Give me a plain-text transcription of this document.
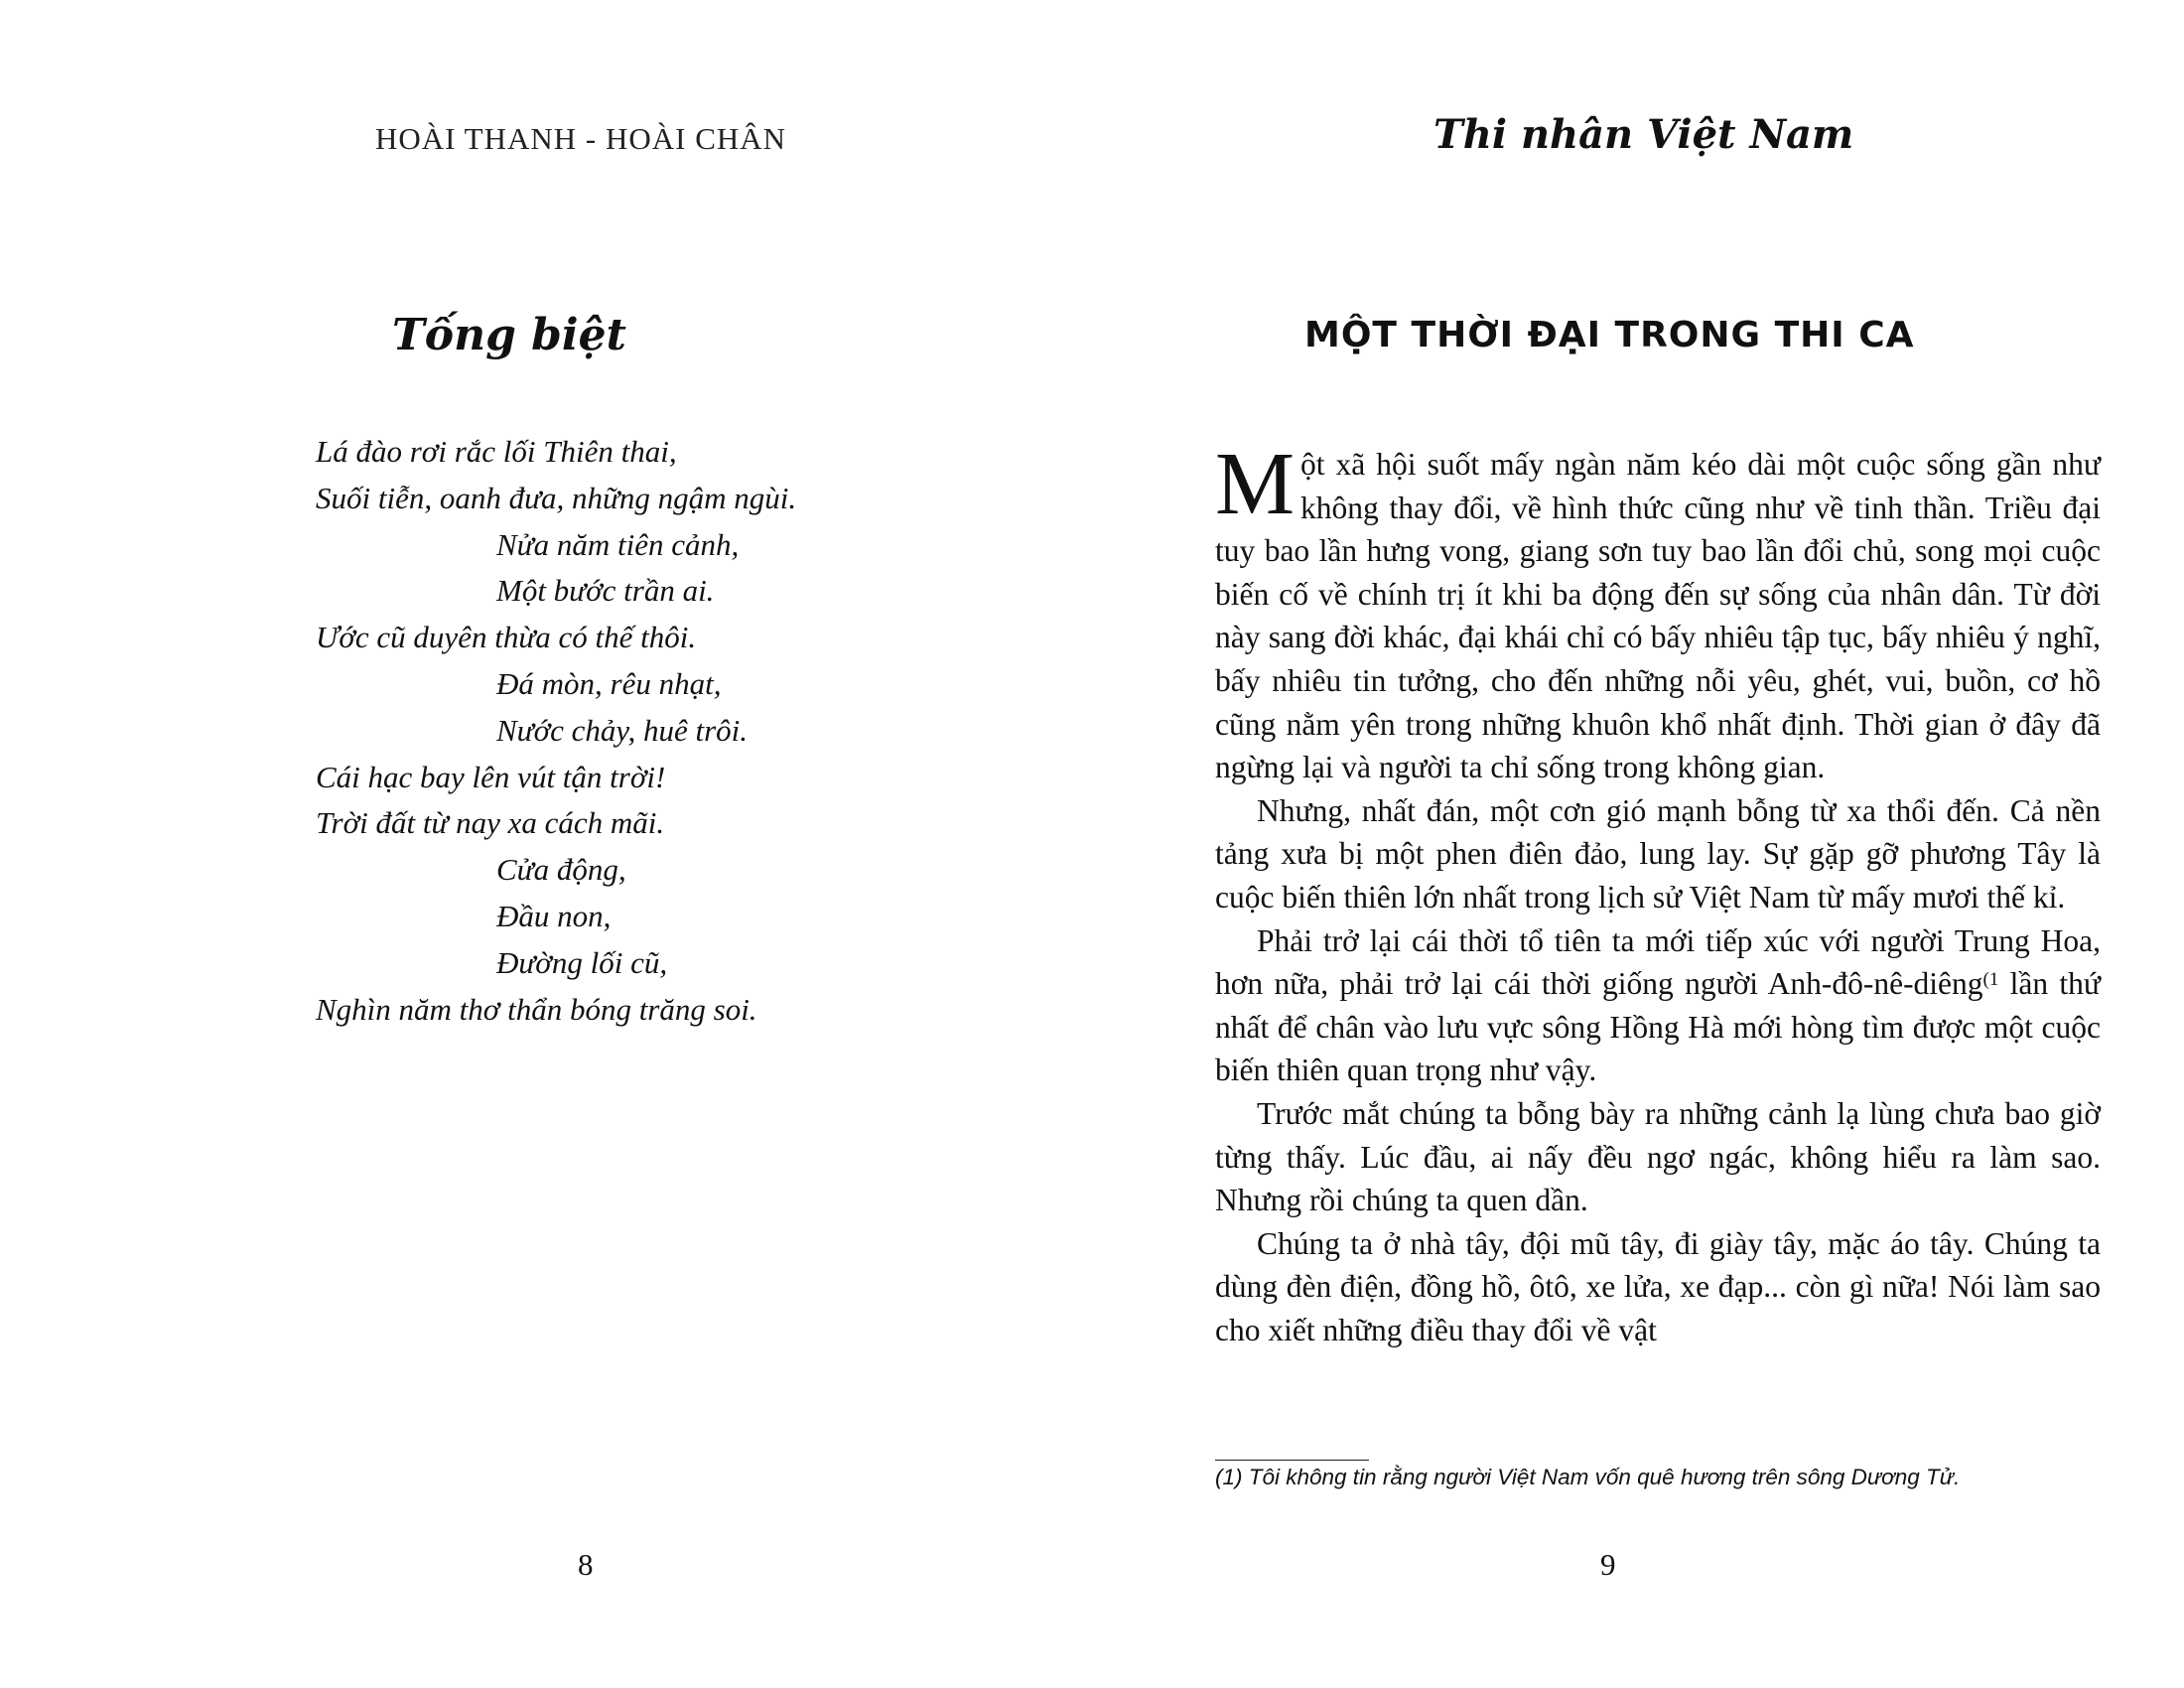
HOÀI THANH - HOÀI CHÂN
Tống biệt
Lá đào rơi rắc lối Thiên thai,
Suối tiễn, oanh đưa, những ngậm ngùi.
Nửa năm tiên cảnh,
Một bước trần ai.
Ước cũ duyên thừa có thế thôi.
Đá mòn, rêu nhạt,
Nước chảy, huê trôi.
Cái hạc bay lên vút tận trời!
Trời đất từ nay xa cách mãi.
Cửa động,
Đầu non,
Đường lối cũ,
Nghìn năm thơ thẩn bóng trăng soi.
8
Thi nhân Việt Nam
MỘT THỜI ĐẠI TRONG THI CA

Một xã hội suốt mấy ngàn năm kéo dài một cuộc sống gần như không thay đổi, về hình thức cũng như về tinh thần. Triều đại tuy bao lần hưng vong, giang sơn tuy bao lần đổi chủ, song mọi cuộc biến cố về chính trị ít khi ba động đến sự sống của nhân dân. Từ đời này sang đời khác, đại khái chỉ có bấy nhiêu tập tục, bấy nhiêu ý nghĩ, bấy nhiêu tin tưởng, cho đến những nỗi yêu, ghét, vui, buồn, cơ hồ cũng nằm yên trong những khuôn khổ nhất định. Thời gian ở đây đã ngừng lại và người ta chỉ sống trong không gian.

Nhưng, nhất đán, một cơn gió mạnh bỗng từ xa thổi đến. Cả nền tảng xưa bị một phen điên đảo, lung lay. Sự gặp gỡ phương Tây là cuộc biến thiên lớn nhất trong lịch sử Việt Nam từ mấy mươi thế kỉ.

Phải trở lại cái thời tổ tiên ta mới tiếp xúc với người Trung Hoa, hơn nữa, phải trở lại cái thời giống người Anh-đô-nê-diêng$^{(1}$ lần thứ nhất để chân vào lưu vực sông Hồng Hà mới hòng tìm được một cuộc biến thiên quan trọng như vậy.

Trước mắt chúng ta bỗng bày ra những cảnh lạ lùng chưa bao giờ từng thấy. Lúc đầu, ai nấy đều ngơ ngác, không hiểu ra làm sao. Nhưng rồi chúng ta quen dần.

Chúng ta ở nhà tây, đội mũ tây, đi giày tây, mặc áo tây. Chúng ta dùng đèn điện, đồng hồ, ôtô, xe lửa, xe đạp... còn gì nữa! Nói làm sao cho xiết những điều thay đổi về vật

(1) Tôi không tin rằng người Việt Nam vốn quê hương trên sông Dương Tử.
9
